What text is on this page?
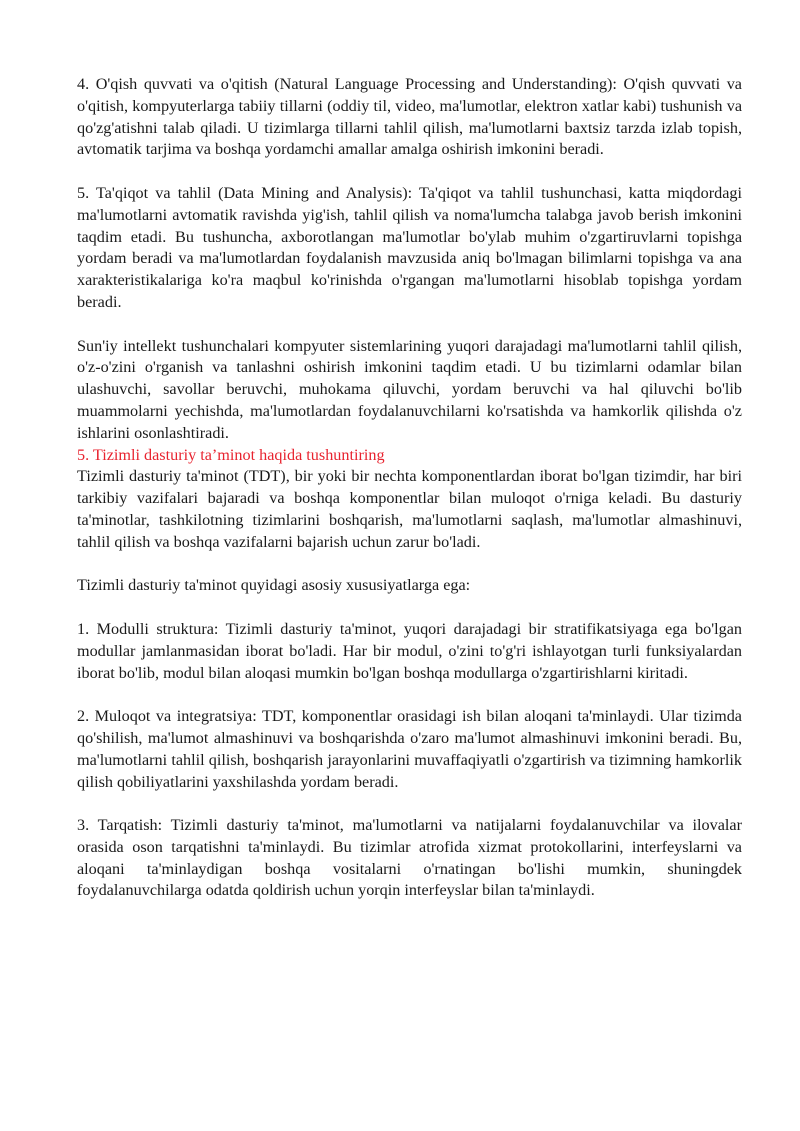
4. O'qish quvvati va o'qitish (Natural Language Processing and Understanding): O'qish quvvati va o'qitish, kompyuterlarga tabiiy tillarni (oddiy til, video, ma'lumotlar, elektron xatlar kabi) tushunish va qo'zg'atishni talab qiladi. U tizimlarga tillarni tahlil qilish, ma'lumotlarni baxtsiz tarzda izlab topish, avtomatik tarjima va boshqa yordamchi amallar amalga oshirish imkonini beradi.

5. Ta'qiqot va tahlil (Data Mining and Analysis): Ta'qiqot va tahlil tushunchasi, katta miqdordagi ma'lumotlarni avtomatik ravishda yig'ish, tahlil qilish va noma'lumcha talabga javob berish imkonini taqdim etadi. Bu tushuncha, axborotlangan ma'lumotlar bo'ylab muhim o'zgartiruvlarni topishga yordam beradi va ma'lumotlardan foydalanish mavzusida aniq bo'lmagan bilimlarni topishga va ana xarakteristikalariga ko'ra maqbul ko'rinishda o'rgangan ma'lumotlarni hisoblab topishga yordam beradi.

Sun'iy intellekt tushunchalari kompyuter sistemlarining yuqori darajadagi ma'lumotlarni tahlil qilish, o'z-o'zini o'rganish va tanlashni oshirish imkonini taqdim etadi. U bu tizimlarni odamlar bilan ulashuvchi, savollar beruvchi, muhokama qiluvchi, yordam beruvchi va hal qiluvchi bo'lib muammolarni yechishda, ma'lumotlardan foydalanuvchilarni ko'rsatishda va hamkorlik qilishda o'z ishlarini osonlashtiradi.

5. Tizimli dasturiy ta’minot haqida tushuntiring

Tizimli dasturiy ta'minot (TDT), bir yoki bir nechta komponentlardan iborat bo'lgan tizimdir, har biri tarkibiy vazifalari bajaradi va boshqa komponentlar bilan muloqot o'rniga keladi. Bu dasturiy ta'minotlar, tashkilotning tizimlarini boshqarish, ma'lumotlarni saqlash, ma'lumotlar almashinuvi, tahlil qilish va boshqa vazifalarni bajarish uchun zarur bo'ladi.

Tizimli dasturiy ta'minot quyidagi asosiy xususiyatlarga ega:

1. Modulli struktura: Tizimli dasturiy ta'minot, yuqori darajadagi bir stratifikatsiyaga ega bo'lgan modullar jamlanmasidan iborat bo'ladi. Har bir modul, o'zini to'g'ri ishlayotgan turli funksiyalardan iborat bo'lib, modul bilan aloqasi mumkin bo'lgan boshqa modullarga o'zgartirishlarni kiritadi.

2. Muloqot va integratsiya: TDT, komponentlar orasidagi ish bilan aloqani ta'minlaydi. Ular tizimda qo'shilish, ma'lumot almashinuvi va boshqarishda o'zaro ma'lumot almashinuvi imkonini beradi. Bu, ma'lumotlarni tahlil qilish, boshqarish jarayonlarini muvaffaqiyatli o'zgartirish va tizimning hamkorlik qilish qobiliyatlarini yaxshilashda yordam beradi.

3. Tarqatish: Tizimli dasturiy ta'minot, ma'lumotlarni va natijalarni foydalanuvchilar va ilovalar orasida oson tarqatishni ta'minlaydi. Bu tizimlar atrofida xizmat protokollarini, interfeyslarni va aloqani ta'minlaydigan boshqa vositalarni o'rnatingan bo'lishi mumkin, shuningdek foydalanuvchilarga odatda qoldirish uchun yorqin interfeyslar bilan ta'minlaydi.
